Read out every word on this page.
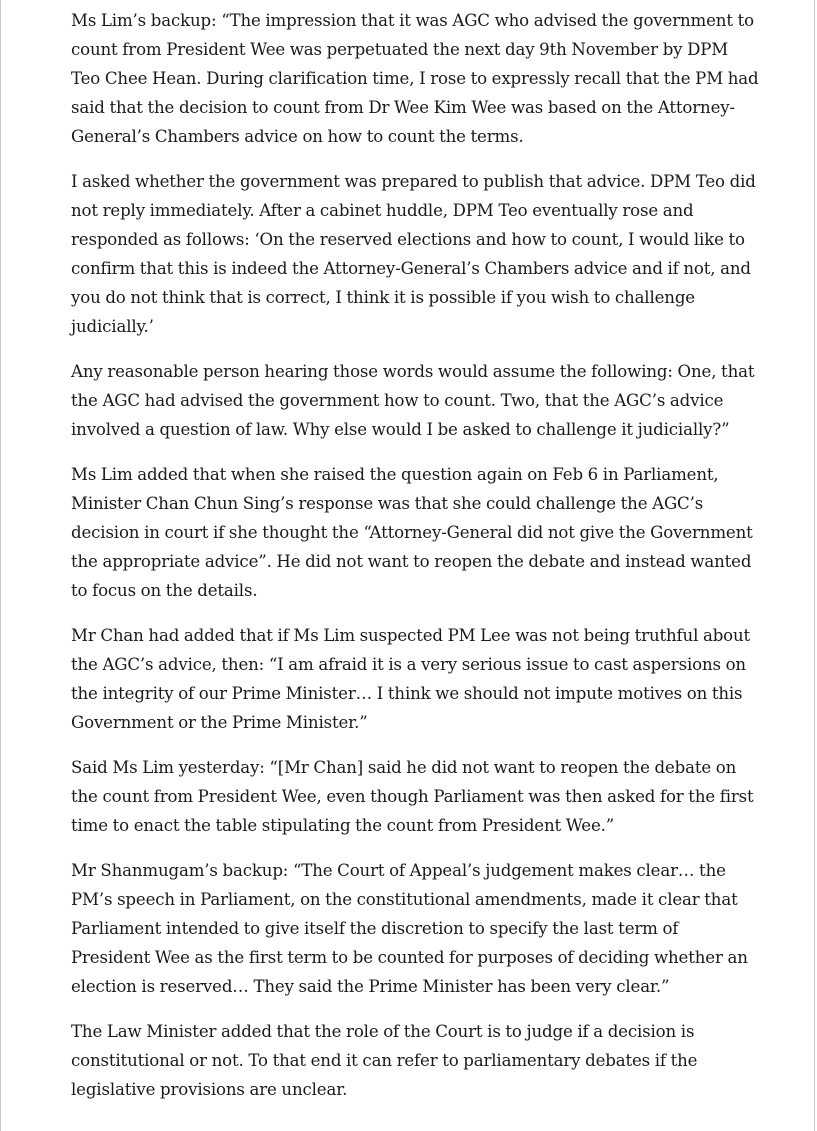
Ms Lim’s backup: “The impression that it was AGC who advised the government to count from President Wee was perpetuated the next day 9th November by DPM Teo Chee Hean. During clarification time, I rose to expressly recall that the PM had said that the decision to count from Dr Wee Kim Wee was based on the Attorney-General’s Chambers advice on how to count the terms.

I asked whether the government was prepared to publish that advice. DPM Teo did not reply immediately. After a cabinet huddle, DPM Teo eventually rose and responded as follows: ‘On the reserved elections and how to count, I would like to confirm that this is indeed the Attorney-General’s Chambers advice and if not, and you do not think that is correct, I think it is possible if you wish to challenge judicially.’

Any reasonable person hearing those words would assume the following: One, that the AGC had advised the government how to count. Two, that the AGC’s advice involved a question of law. Why else would I be asked to challenge it judicially?”

Ms Lim added that when she raised the question again on Feb 6 in Parliament, Minister Chan Chun Sing’s response was that she could challenge the AGC’s decision in court if she thought the “Attorney-General did not give the Government the appropriate advice”. He did not want to reopen the debate and instead wanted to focus on the details.

Mr Chan had added that if Ms Lim suspected PM Lee was not being truthful about the AGC’s advice, then: “I am afraid it is a very serious issue to cast aspersions on the integrity of our Prime Minister… I think we should not impute motives on this Government or the Prime Minister.”

Said Ms Lim yesterday: “[Mr Chan] said he did not want to reopen the debate on the count from President Wee, even though Parliament was then asked for the first time to enact the table stipulating the count from President Wee.”

Mr Shanmugam’s backup: “The Court of Appeal’s judgement makes clear… the PM’s speech in Parliament, on the constitutional amendments, made it clear that Parliament intended to give itself the discretion to specify the last term of President Wee as the first term to be counted for purposes of deciding whether an election is reserved… They said the Prime Minister has been very clear.”

The Law Minister added that the role of the Court is to judge if a decision is constitutional or not. To that end it can refer to parliamentary debates if the legislative provisions are unclear.
